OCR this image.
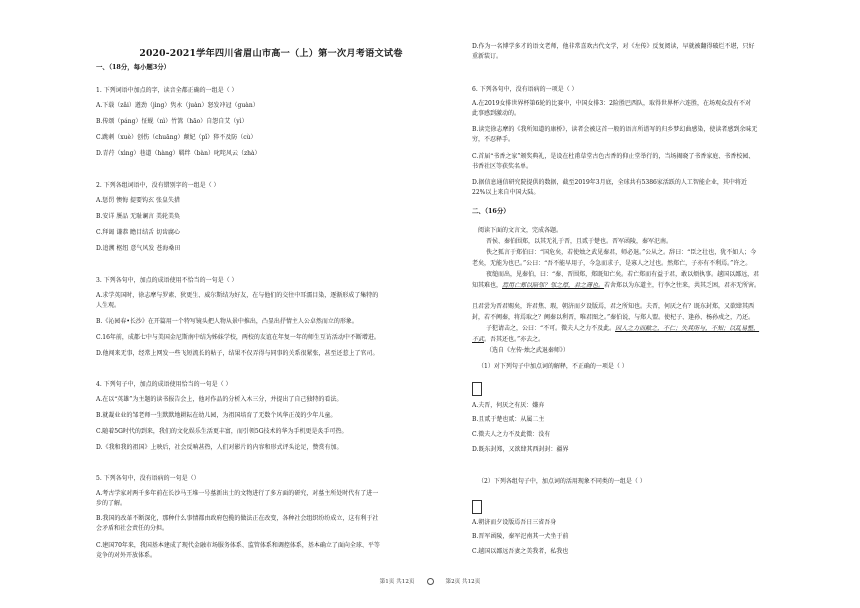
2020-2021学年四川省眉山市高一（上）第一次月考语文试卷
一、（18分，每小题3分）
1. 下列词语中加点的字，读音全都正确的一组是（ ）
A.下载（zǎi）遒劲（jìng）隽永（juàn）怒发冲冠（guàn）
B.传颂（páng）怔蚬（nì）竹篙（hāo）自怨自艾（yì）
C.跳刺（xuè）创伤（chuāng）颠妃（pǐ）猝不及防（cù）
D.青荇（xìng）巷道（hàng）羁绊（bàn）叱咤风云（zhà）
2. 下列各组词语中，没有错别字的一组是（ ）
A.惩罚 懊悔 提要钩玄 张皇失措
B.安详 赝品 无耻谰言 美轮美奂
C.拜谒 谦恭 瞻目结舌 切齿腐心
D.追溯 枢纽 意气风发 苍海桑田
3. 下列各句中，加点的成语使用不恰当的一句是（ ）
A.求学英国时，徐志摩与罗素、狄更生、威尔斯结为好友，在与他们的交往中耳濡目染，逐渐形成了集特的
人生观。
B.《沁园春•长沙》在开篇用一个特写镜头把人物从景中推出，凸显出抒情主人公卓然而立的形象。
C.16年前，成都七中与美国金尼斯南中结为姊妹学校，两校的友谊在年复一年的师生互访活动中不断增进。
D.他闯来无事，经常上网发一些飞短流长的帖子，结果不仅弄得与同事的关系很紧张，甚至还惹上了官司。
4. 下列句子中，加点的成语使用恰当的一句是（ ）
A.在以“英雄”为主题的读书报告会上，他对作品的分析入木三分，并提出了自己独特的看法。
B.就凝业业的邹老师一生默默地耕耘在幼儿园，为祖国培育了无数个风华正茂的少年儿童。
C.随着5G时代的到来，我们的文化娱乐生活更丰富，而引领5G技术的华为手机更是炙手可热。
D.《我和我的祖国》上映后，社会反响甚热，人们对影片的内容和形式评头论足，赞赏有加。
5. 下列各句中，没有语病的一句是（）
A.考古学家对两千多年前在长沙马王堆一号墓新出土的文物进行了多方面的研究，对墓主所处时代有了进一
步的了解。
B.我国的改革不断深化，那种什么事情都由政府包揽的做法正在改变，各种社会组织纷纷成立，这有利于社
会矛盾和社会责任的分担。
C.建国70年来，我国基本建成了现代金融市场服务体系、监管体系和调控体系，基本确立了面向全球、平等
竞争的对外开放体系。
D.作为一名博学多才的语文老师，他非常喜欢古代文学，对《左传》反复阅读，早就被翻得破烂不堪，只好
重新装订。
6. 下列各句中，没有语病的一项是（ ）
A.在2019女排世界杯第6轮的比赛中，中国女排3：2险胜巴西队，取得世界杯六连胜，在场观众没有不对
此事感到激动的。
B.读完徐志摩的《我所知道的康桥》，读者会被这首一般的语言所谱写的归乡梦幻曲感染，使读者感到余味无
穷，不忍释手。
C.首届“书香之家”颁奖典礼，是设在杜甫草堂古色古香的仰止堂举行的，当场揭晓了书香家庭、书香校园、
书香社区等获奖名单。
D.据信息通信研究院提供的数据，截至2019年3月底，全球共有5386家活跃的人工智能企业，其中将近
22%以上来自中国大陆。
二、（16分）
阅读下面的文言文，完成各题。
晋侯、秦伯围郑，以其无礼于晋，且贰于楚也。晋军函陵，秦军氾南。
佚之狐言于郑伯曰：“国危矣，若使烛之武见秦君，师必退。”公从之。辞曰：“臣之壮也，犹不如人；今
老矣，无能为也已。”公曰：“吾不能早用子，今急而求子，是寡人之过也。然郑亡，子亦有不利焉。”许之。
夜缒而出，见秦伯，曰：“秦、晋围郑，郑既知亡矣。若亡郑而有益于君，敢以烦执事。越国以鄙远，君
知其难也，焉用亡郑以陪邻？邻之厚，君之薄也。若舍郑以为东道主，行李之往来，共其乏困，君亦无所害。
且君尝为晋君赐矣，许君焦、瑕，朝济而夕设版焉，君之所知也。夫晋，何厌之有？既东封郑，又欲肆其西
封，若不阙秦，将焉取之？阙秦以利晋，唯君图之。”秦伯说，与郑人盟。使杞子、逢孙、杨孙戍之，乃还。
子犯请击之，公曰：“不可。微夫人之力不及此。因人之力而敝之，不仁；失其所与，不知；以乱易整，
不武。吾其还也。”亦去之。
（选自《左传·烛之武退秦师》）
（1）对下列句子中加点词的解释，不正确的一项是（ ）
A.夫晋，何厌之有厌：嫌弃
B.且贰于楚也贰：从属二主
C.微夫人之力不及此微：没有
D.既东封郑，又欲肆其西封封：疆界
（2）下列各组句子中，加点词的活用现象不同类的一组是（ ）
A.朝济而夕设版焉吾日三省吾身
B.晋军函陵，秦军氾南其一犬坐于前
C.越国以鄙远吾妻之美我者，私我也
第1页 共12页	第2页 共12页
